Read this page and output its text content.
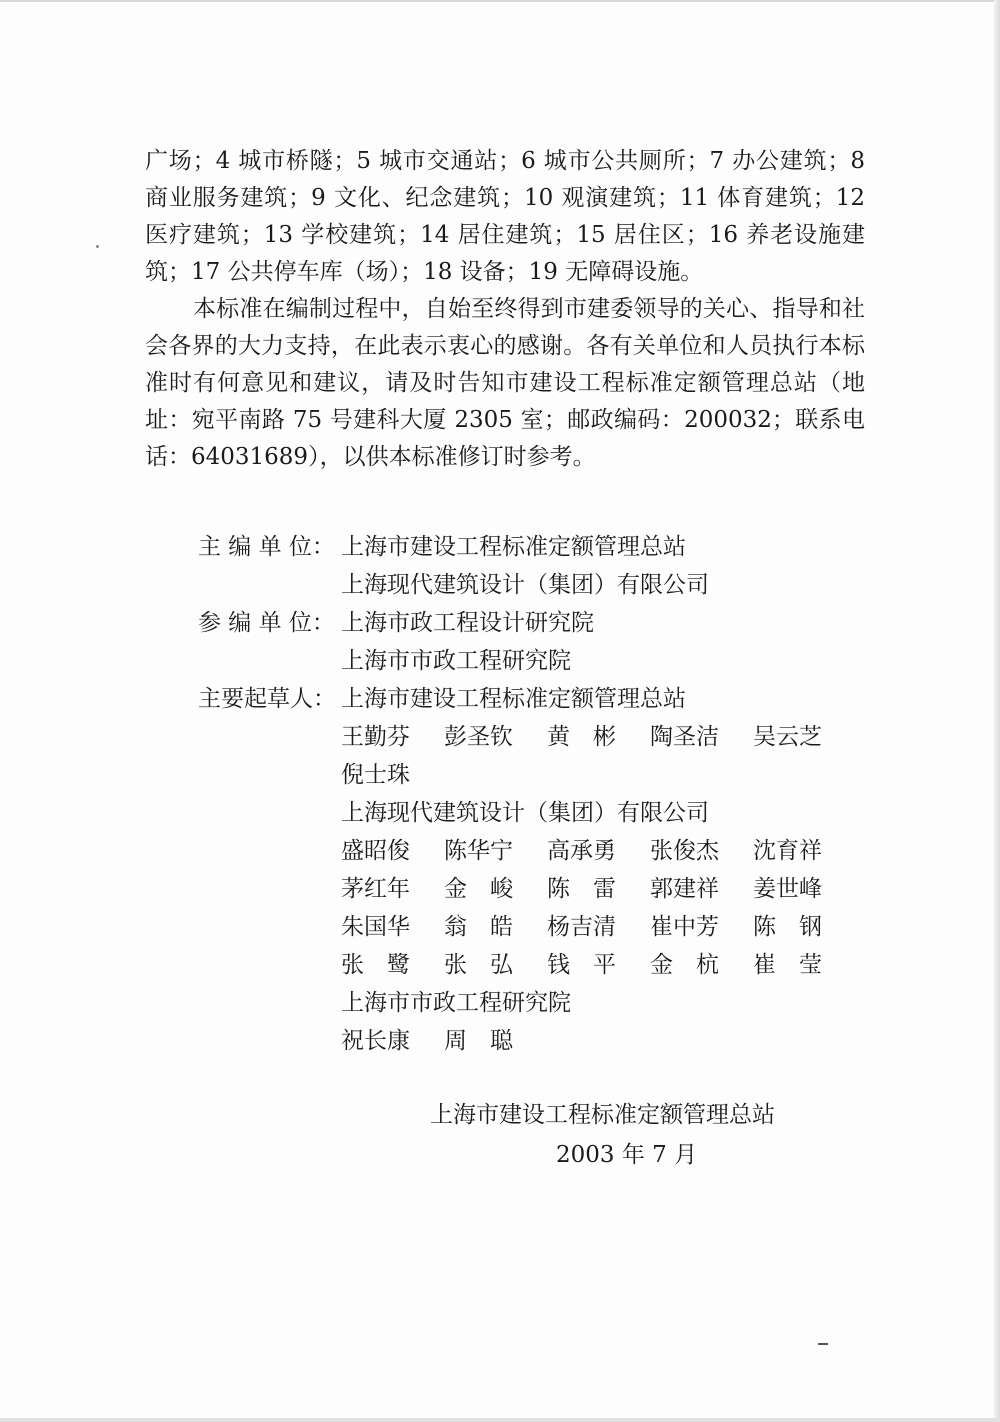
广场；4 城市桥隧；5 城市交通站；6 城市公共厕所；7 办公建筑；8 商业服务建筑；9 文化、纪念建筑；10 观演建筑；11 体育建筑；12 医疗建筑；13 学校建筑；14 居住建筑；15 居住区；16 养老设施建筑；17 公共停车库（场）；18 设备；19 无障碍设施。

本标准在编制过程中，自始至终得到市建委领导的关心、指导和社会各界的大力支持，在此表示衷心的感谢。各有关单位和人员执行本标准时有何意见和建议，请及时告知市建设工程标准定额管理总站（地址：宛平南路 75 号建科大厦 2305 室；邮政编码：200032；联系电话：64031689），以供本标准修订时参考。

主 编 单 位： 上海市建设工程标准定额管理总站
上海现代建筑设计（集团）有限公司
参 编 单 位： 上海市政工程设计研究院
上海市市政工程研究院
主要起草人： 上海市建设工程标准定额管理总站
王勤芬	彭圣钦	黄　彬	陶圣洁	吴云芝
倪士珠
上海现代建筑设计（集团）有限公司
盛昭俊	陈华宁	高承勇	张俊杰	沈育祥
茅红年	金　峻	陈　雷	郭建祥	姜世峰
朱国华	翁　皓	杨吉清	崔中芳	陈　钢
张　鹭	张　弘	钱　平	金　杭	崔　莹
上海市市政工程研究院
祝长康	周　聪
上海市建设工程标准定额管理总站
2003 年 7 月
